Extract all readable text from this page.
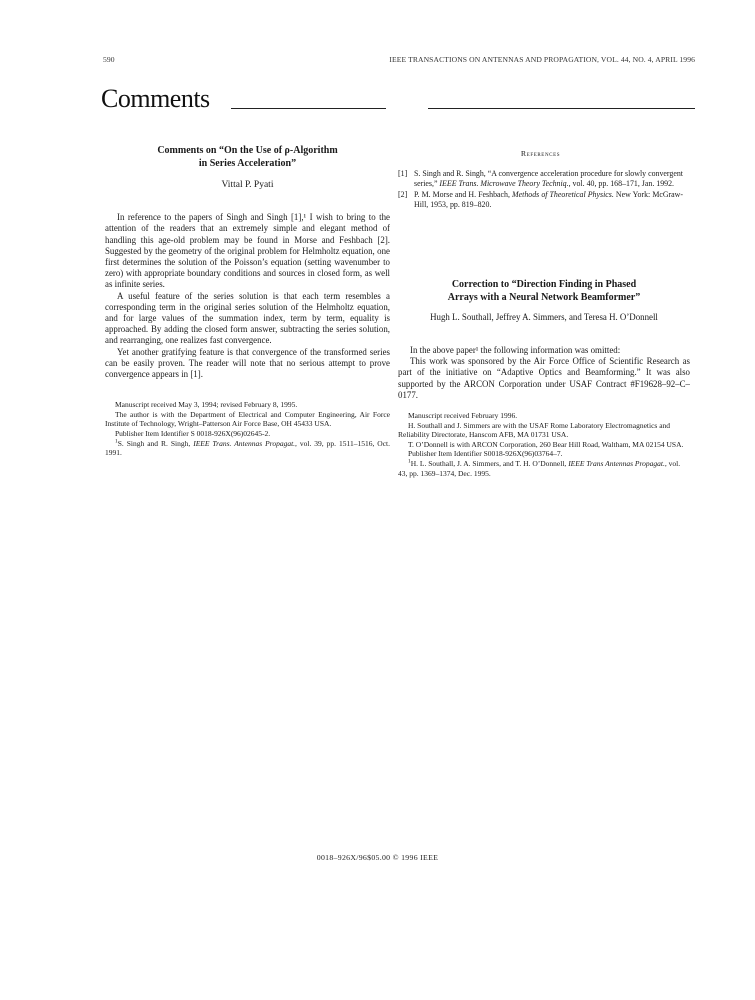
590	IEEE TRANSACTIONS ON ANTENNAS AND PROPAGATION, VOL. 44, NO. 4, APRIL 1996
Comments
Comments on “On the Use of ρ-Algorithm
in Series Acceleration”
Vittal P. Pyati

In reference to the papers of Singh and Singh [1],¹ I wish to bring to the attention of the readers that an extremely simple and elegant method of handling this age-old problem may be found in Morse and Feshbach [2]. Suggested by the geometry of the original problem for Helmholtz equation, one first determines the solution of the Poisson’s equation (setting wavenumber to zero) with appropriate boundary conditions and sources in closed form, as well as infinite series.

A useful feature of the series solution is that each term resembles a corresponding term in the original series solution of the Helmholtz equation, and for large values of the summation index, term by term, equality is approached. By adding the closed form answer, subtracting the series solution, and rearranging, one realizes fast convergence.

Yet another gratifying feature is that convergence of the transformed series can be easily proven. The reader will note that no serious attempt to prove convergence appears in [1].

Manuscript received May 3, 1994; revised February 8, 1995.

The author is with the Department of Electrical and Computer Engineering, Air Force Institute of Technology, Wright–Patterson Air Force Base, OH 45433 USA.

Publisher Item Identifier S 0018-926X(96)02645-2.

$^1$S. Singh and R. Singh, IEEE Trans. Antennas Propagat., vol. 39, pp. 1511–1516, Oct. 1991.

References
[1] S. Singh and R. Singh, “A convergence acceleration procedure for slowly convergent series,” IEEE Trans. Microwave Theory Techniq., vol. 40, pp. 168–171, Jan. 1992.
[2] P. M. Morse and H. Feshbach, Methods of Theoretical Physics. New York: McGraw-Hill, 1953, pp. 819–820.
Correction to “Direction Finding in Phased
Arrays with a Neural Network Beamformer”
Hugh L. Southall, Jeffrey A. Simmers, and Teresa H. O’Donnell

In the above paper¹ the following information was omitted:

This work was sponsored by the Air Force Office of Scientific Research as part of the initiative on “Adaptive Optics and Beamforming.” It was also supported by the ARCON Corporation under USAF Contract #F19628–92–C–0177.

Manuscript received February 1996.

H. Southall and J. Simmers are with the USAF Rome Laboratory Electromagnetics and Reliability Directorate, Hanscom AFB, MA 01731 USA.

T. O’Donnell is with ARCON Corporation, 260 Bear Hill Road, Waltham, MA 02154 USA.

Publisher Item Identifier S0018-926X(96)03764–7.

$^1$H. L. Southall, J. A. Simmers, and T. H. O’Donnell, IEEE Trans Antennas Propagat., vol. 43, pp. 1369–1374, Dec. 1995.

0018–926X/96$05.00 © 1996 IEEE
